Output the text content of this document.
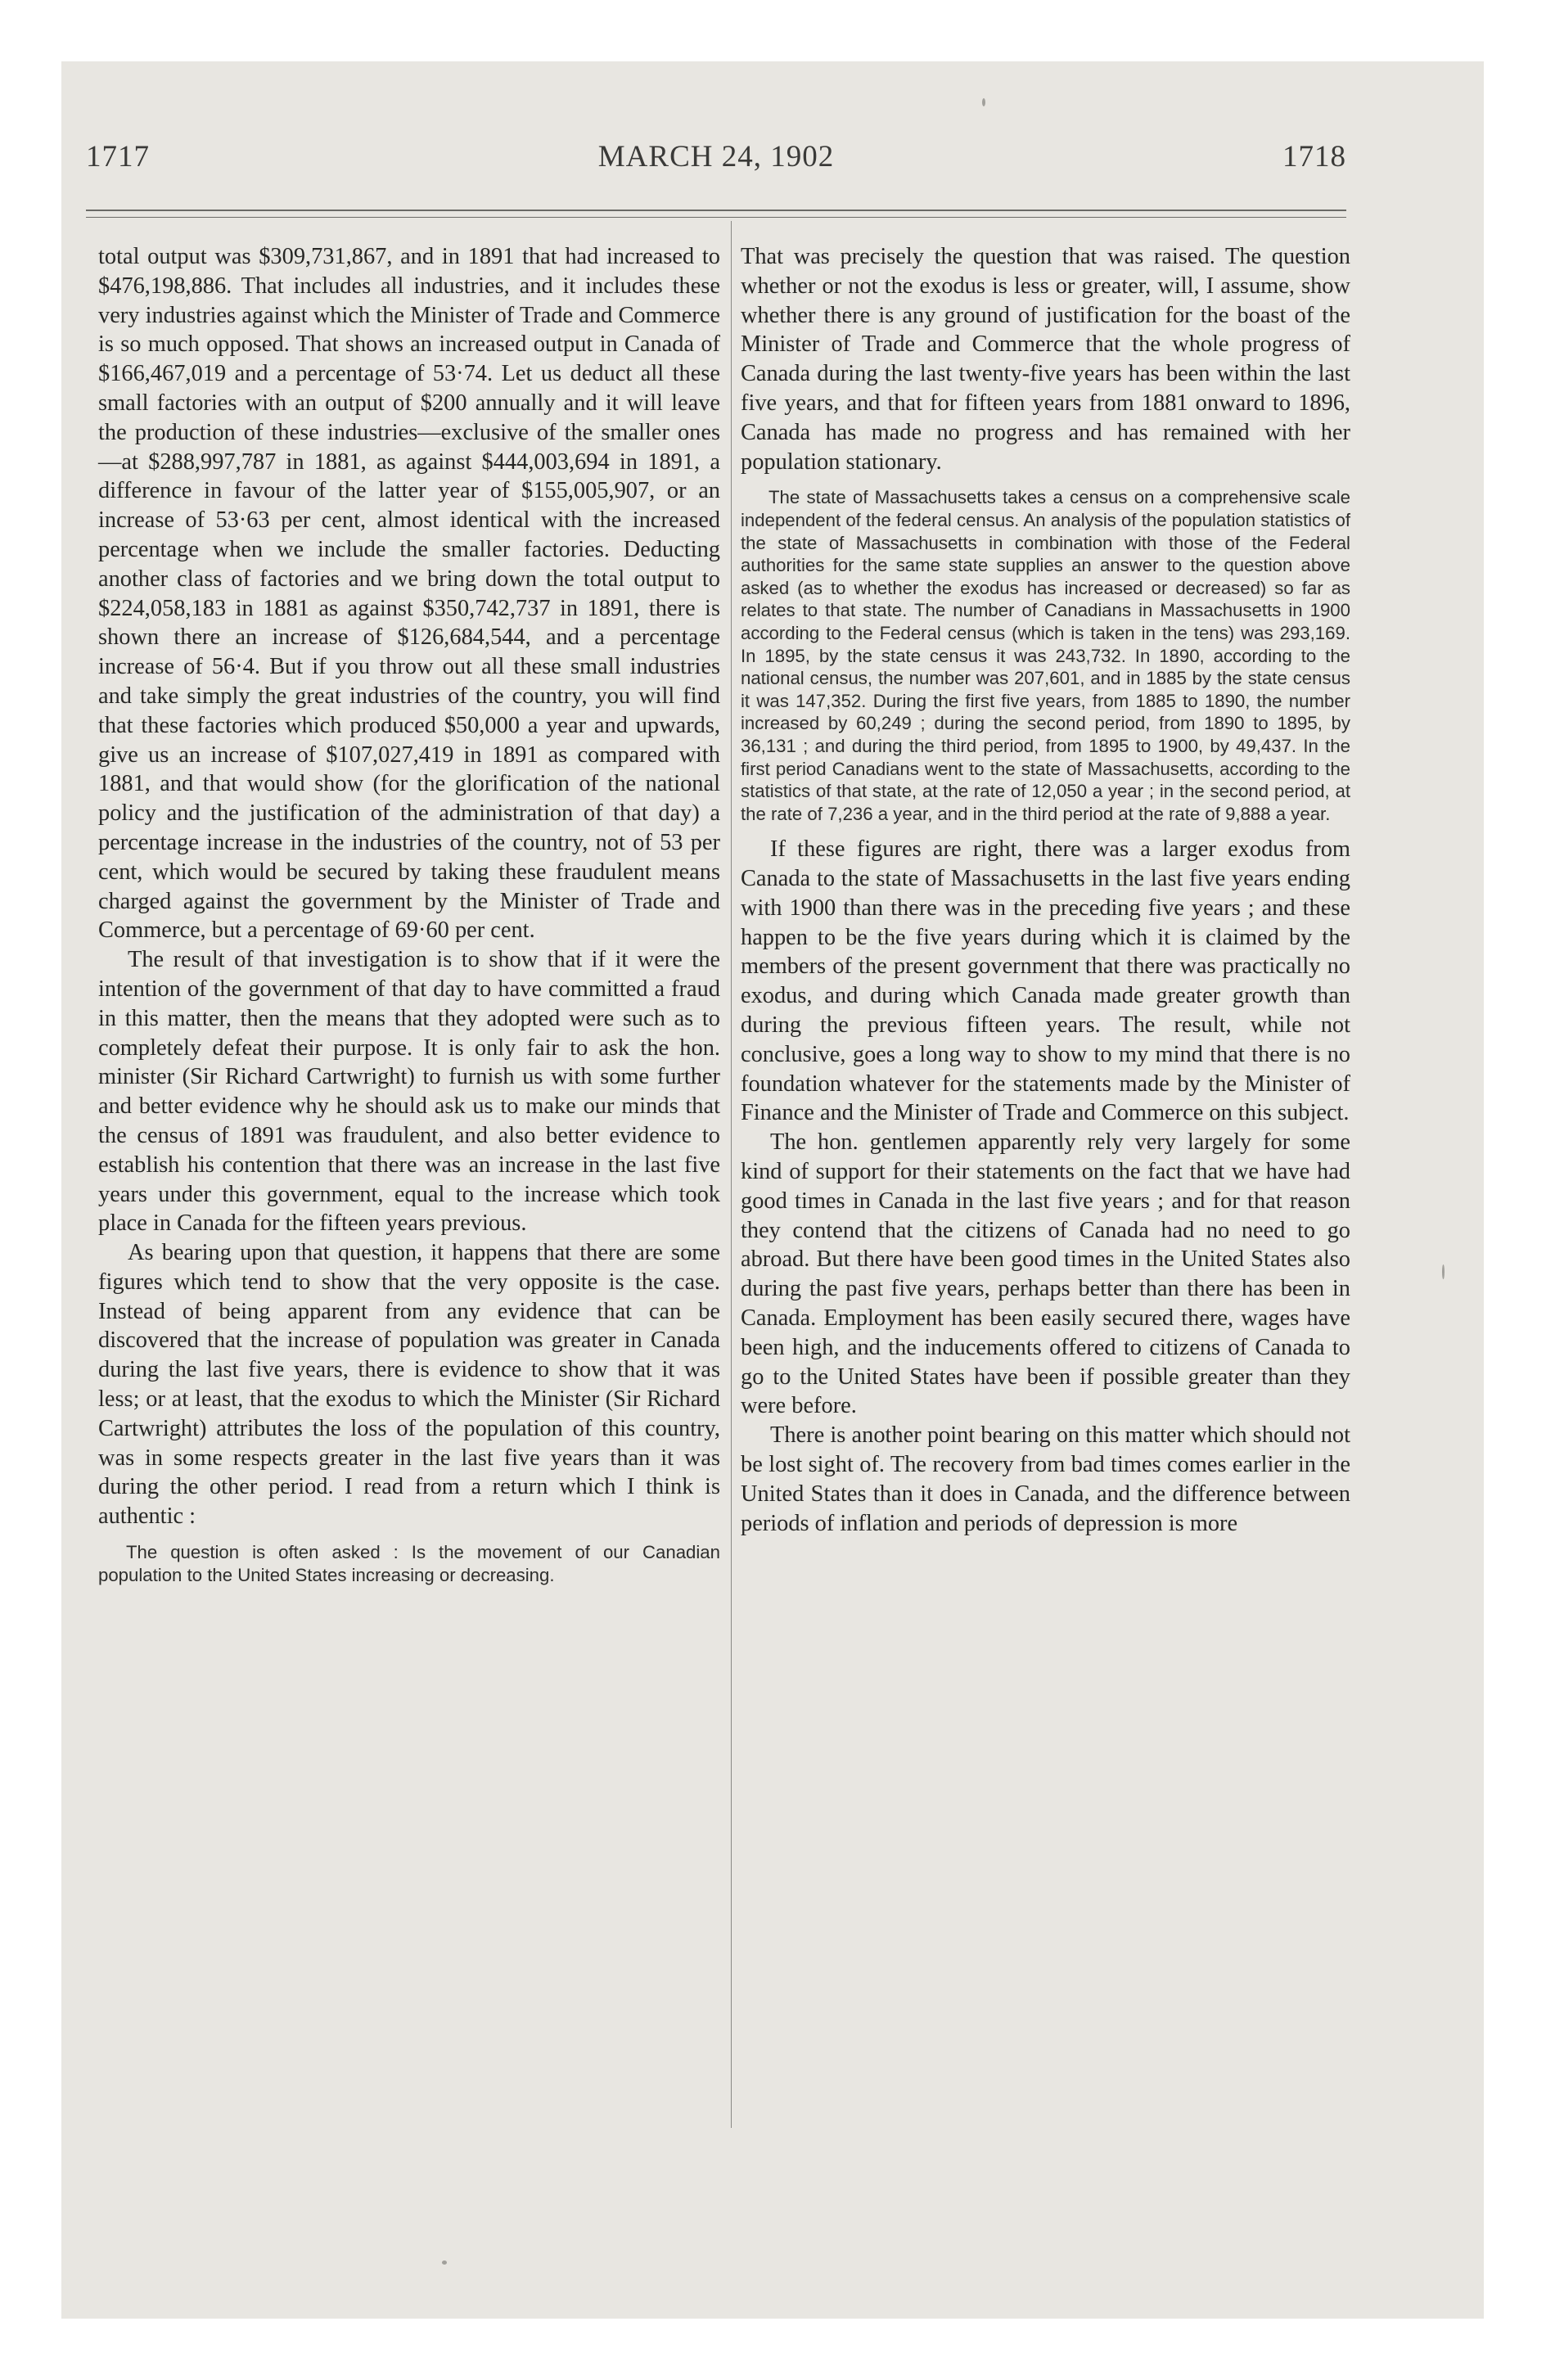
1717	MARCH 24, 1902	1718

total output was $309,731,867, and in 1891 that had increased to $476,198,886. That includes all industries, and it includes these very industries against which the Minister of Trade and Commerce is so much opposed. That shows an increased output in Canada of $166,467,019 and a percentage of 53·74. Let us deduct all these small factories with an output of $200 annually and it will leave the production of these industries—exclusive of the smaller ones—at $288,997,787 in 1881, as against $444,003,694 in 1891, a difference in favour of the latter year of $155,005,907, or an increase of 53·63 per cent, almost identical with the increased percentage when we include the smaller factories. Deducting another class of factories and we bring down the total output to $224,058,183 in 1881 as against $350,742,737 in 1891, there is shown there an increase of $126,684,544, and a percentage increase of 56·4. But if you throw out all these small industries and take simply the great industries of the country, you will find that these factories which produced $50,000 a year and upwards, give us an increase of $107,027,419 in 1891 as compared with 1881, and that would show (for the glorification of the national policy and the justification of the administration of that day) a percentage increase in the industries of the country, not of 53 per cent, which would be secured by taking these fraudulent means charged against the government by the Minister of Trade and Commerce, but a percentage of 69·60 per cent.

The result of that investigation is to show that if it were the intention of the government of that day to have committed a fraud in this matter, then the means that they adopted were such as to completely defeat their purpose. It is only fair to ask the hon. minister (Sir Richard Cartwright) to furnish us with some further and better evidence why he should ask us to make our minds that the census of 1891 was fraudulent, and also better evidence to establish his contention that there was an increase in the last five years under this government, equal to the increase which took place in Canada for the fifteen years previous.

As bearing upon that question, it happens that there are some figures which tend to show that the very opposite is the case. Instead of being apparent from any evidence that can be discovered that the increase of population was greater in Canada during the last five years, there is evidence to show that it was less; or at least, that the exodus to which the Minister (Sir Richard Cartwright) attributes the loss of the population of this country, was in some respects greater in the last five years than it was during the other period. I read from a return which I think is authentic :

The question is often asked : Is the movement of our Canadian population to the United States increasing or decreasing.

That was precisely the question that was raised. The question whether or not the exodus is less or greater, will, I assume, show whether there is any ground of justification for the boast of the Minister of Trade and Commerce that the whole progress of Canada during the last twenty-five years has been within the last five years, and that for fifteen years from 1881 onward to 1896, Canada has made no progress and has remained with her population stationary.

The state of Massachusetts takes a census on a comprehensive scale independent of the federal census. An analysis of the population statistics of the state of Massachusetts in combination with those of the Federal authorities for the same state supplies an answer to the question above asked (as to whether the exodus has increased or decreased) so far as relates to that state. The number of Canadians in Massachusetts in 1900 according to the Federal census (which is taken in the tens) was 293,169. In 1895, by the state census it was 243,732. In 1890, according to the national census, the number was 207,601, and in 1885 by the state census it was 147,352. During the first five years, from 1885 to 1890, the number increased by 60,249 ; during the second period, from 1890 to 1895, by 36,131 ; and during the third period, from 1895 to 1900, by 49,437. In the first period Canadians went to the state of Massachusetts, according to the statistics of that state, at the rate of 12,050 a year ; in the second period, at the rate of 7,236 a year, and in the third period at the rate of 9,888 a year.

If these figures are right, there was a larger exodus from Canada to the state of Massachusetts in the last five years ending with 1900 than there was in the preceding five years ; and these happen to be the five years during which it is claimed by the members of the present government that there was practically no exodus, and during which Canada made greater growth than during the previous fifteen years. The result, while not conclusive, goes a long way to show to my mind that there is no foundation whatever for the statements made by the Minister of Finance and the Minister of Trade and Commerce on this subject.

The hon. gentlemen apparently rely very largely for some kind of support for their statements on the fact that we have had good times in Canada in the last five years ; and for that reason they contend that the citizens of Canada had no need to go abroad. But there have been good times in the United States also during the past five years, perhaps better than there has been in Canada. Employment has been easily secured there, wages have been high, and the inducements offered to citizens of Canada to go to the United States have been if possible greater than they were before.

There is another point bearing on this matter which should not be lost sight of. The recovery from bad times comes earlier in the United States than it does in Canada, and the difference between periods of inflation and periods of depression is more
